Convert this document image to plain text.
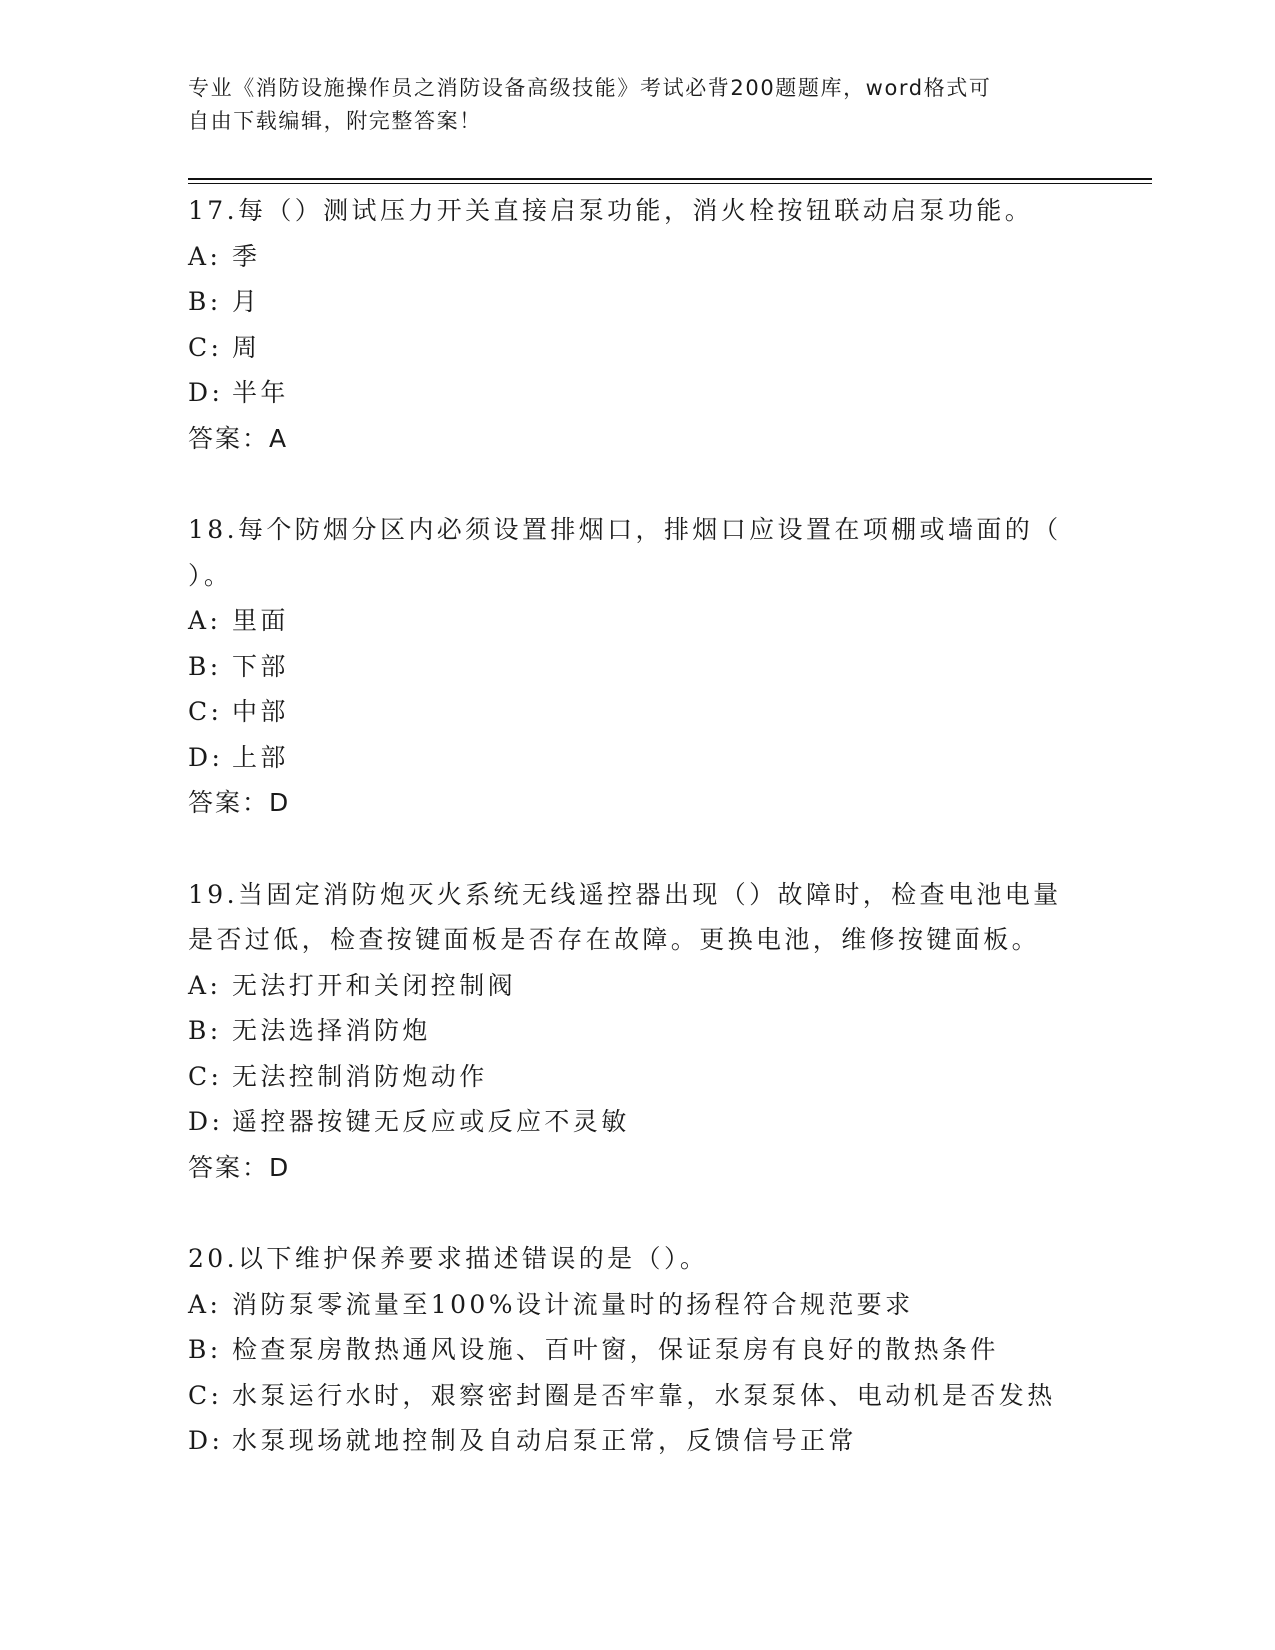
专业《消防设施操作员之消防设备高级技能》考试必背200题题库，word格式可
自由下载编辑，附完整答案！
17.每（）测试压力开关直接启泵功能，消火栓按钮联动启泵功能。
A: 季
B: 月
C: 周
D: 半年
答案：A
18.每个防烟分区内必须设置排烟口，排烟口应设置在项棚或墙面的（ ）。
A: 里面
B: 下部
C: 中部
D: 上部
答案：D
19.当固定消防炮灭火系统无线遥控器出现（）故障时，检查电池电量是否过低，检查按键面板是否存在故障。更换电池，维修按键面板。
A: 无法打开和关闭控制阀
B: 无法选择消防炮
C: 无法控制消防炮动作
D: 遥控器按键无反应或反应不灵敏
答案：D
20.以下维护保养要求描述错误的是（）。
A: 消防泵零流量至100%设计流量时的扬程符合规范要求
B: 检查泵房散热通风设施、百叶窗，保证泵房有良好的散热条件
C: 水泵运行水时，艰察密封圈是否牢靠，水泵泵体、电动机是否发热
D: 水泵现场就地控制及自动启泵正常，反馈信号正常
